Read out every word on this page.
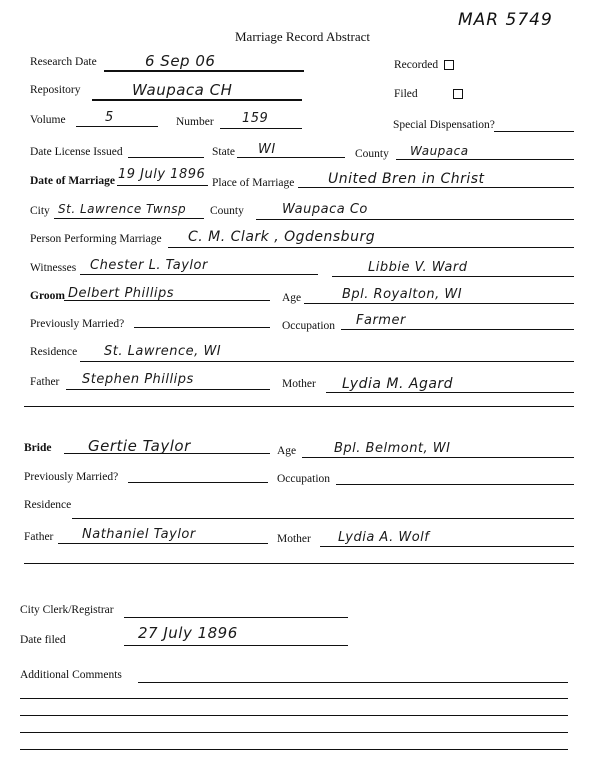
MAR 5749
Marriage Record Abstract
Research Date	6 Sep 06	Recorded
Repository	Waupaca CH	Filed
Volume	5	Number 159	Special Dispensation?
Date License Issued	State WI	County Waupaca
Date of Marriage 19 July 1896
Place of Marriage United Bren in Christ
City St. Lawrence Twnsp County	Waupaca Co
Person Performing Marriage C. M. Clark , Ogdensburg
Witnesses Chester L. Taylor	Libbie V. Ward
Groom Delbert Phillips	Age	Bpl. Royalton, WI
Previously Married?	Occupation Farmer
Residence St. Lawrence, WI
Father Stephen Phillips	Mother Lydia M. Agard
Bride Gertie Taylor	Age	Bpl. Belmont, WI
Previously Married?	Occupation
Residence
Father Nathaniel Taylor	Mother Lydia A. Wolf
City Clerk/Registrar
Date filed	27 July 1896
Additional Comments
